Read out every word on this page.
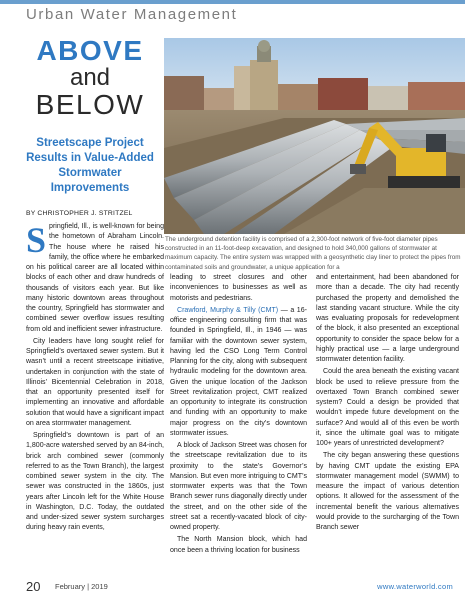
Urban Water Management
ABOVE
and
BELOW
Streetscape Project Results in Value-Added Stormwater Improvements
BY CHRISTOPHER J. STRITZEL
The underground detention facility is comprised of a 2,300-foot network of five-foot diameter pipes constructed in an 11-foot-deep excavation, and designed to hold 340,000 gallons of stormwater at maximum capacity. The entire system was wrapped with a geosynthetic clay liner to protect the pipes from contaminated soils and groundwater, a unique application for a

Springfield, Ill., is well-known for being the hometown of Abraham Lincoln. The house where he raised his family, the office where he embarked on his political career are all located within blocks of each other and draw hundreds of thousands of visitors each year. But like many historic downtown areas throughout the country, Springfield has stormwater and combined sewer overflow issues resulting from old and inefficient sewer infrastructure.

City leaders have long sought relief for Springfield’s overtaxed sewer system. But it wasn’t until a recent streetscape initiative, undertaken in conjunction with the state of Illinois’ Bicentennial Celebration in 2018, that an opportunity presented itself for implementing an innovative and affordable solution that would have a significant impact on area stormwater management.

Springfield’s downtown is part of an 1,800-acre watershed served by an 84-inch, brick arch combined sewer (commonly referred to as the Town Branch), the largest combined sewer system in the city. The sewer was constructed in the 1860s, just years after Lincoln left for the White House in Washington, D.C. Today, the outdated and under-sized sewer system surcharges during heavy rain events,

leading to street closures and other inconveniences to businesses as well as motorists and pedestrians.

Crawford, Murphy & Tilly (CMT) — a 16-office engineering consulting firm that was founded in Springfield, Ill., in 1946 — was familiar with the downtown sewer system, having led the CSO Long Term Control Planning for the city, along with subsequent hydraulic modeling for the downtown area. Given the unique location of the Jackson Street revitalization project, CMT realized an opportunity to integrate its construction and funding with an opportunity to make major progress on the city’s downtown stormwater issues.

A block of Jackson Street was chosen for the streetscape revitalization due to its proximity to the state’s Governor’s Mansion. But even more intriguing to CMT’s stormwater experts was that the Town Branch sewer runs diagonally directly under the street, and on the other side of the street sat a recently-vacated block of city-owned property.

The North Mansion block, which had once been a thriving location for business

and entertainment, had been abandoned for more than a decade. The city had recently purchased the property and demolished the last standing vacant structure. While the city was evaluating proposals for redevelopment of the block, it also presented an exceptional opportunity to consider the space below for a highly practical use — a large underground stormwater detention facility.

Could the area beneath the existing vacant block be used to relieve pressure from the overtaxed Town Branch combined sewer system? Could a design be provided that wouldn’t impede future development on the surface? And would all of this even be worth it, since the ultimate goal was to mitigate 100+ years of unrestricted development?

The city began answering these questions by having CMT update the existing EPA stormwater management model (SWMM) to measure the impact of various detention options. It allowed for the assessment of the incremental benefit the various alternatives would provide to the surcharging of the Town Branch sewer

20 February | 2019	www.waterworld.com
